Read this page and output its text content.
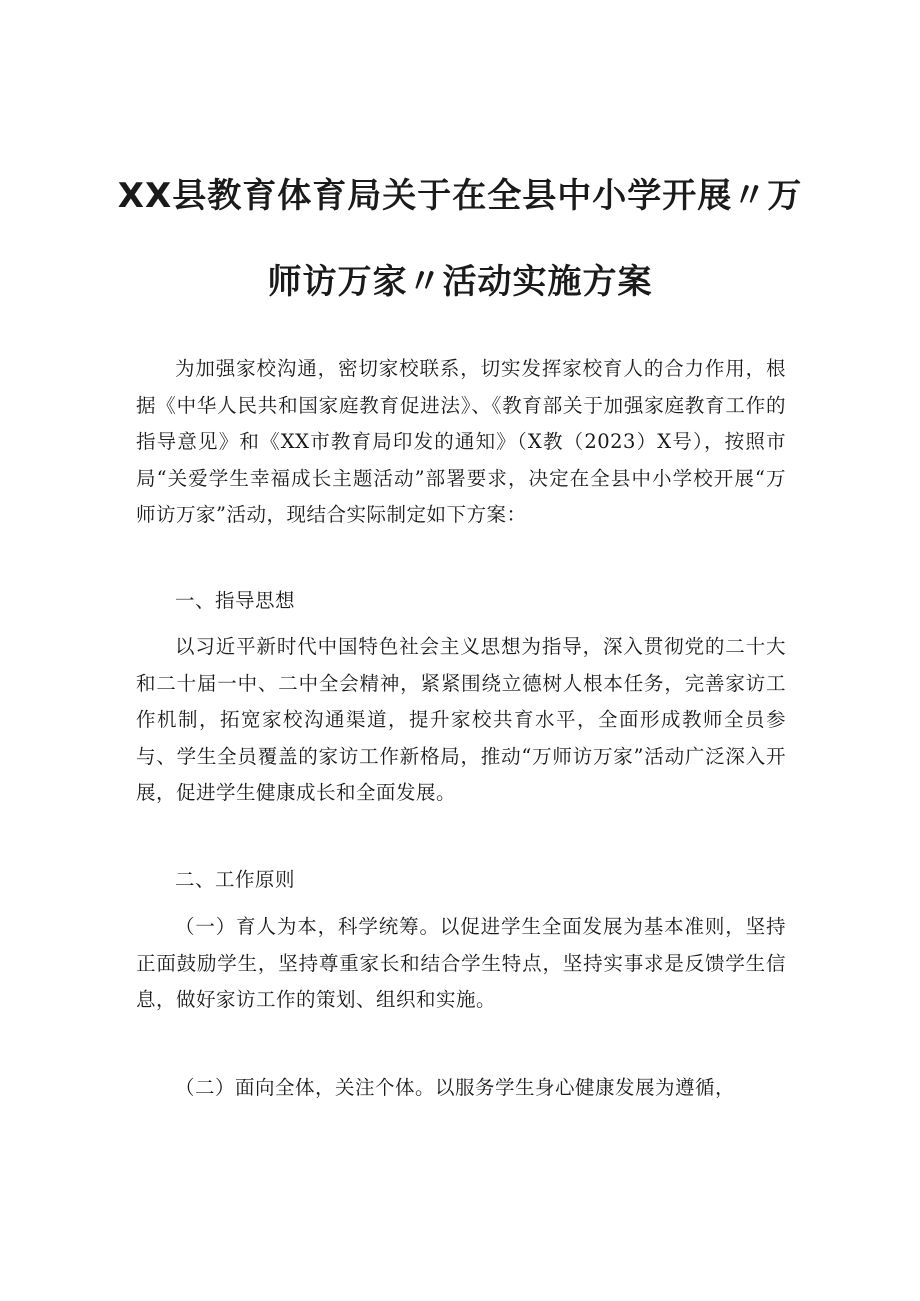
XX县教育体育局关于在全县中小学开展〃万
师访万家〃活动实施方案
为加强家校沟通，密切家校联系，切实发挥家校育人的合力作用，根据《中华人民共和国家庭教育促进法》、《教育部关于加强家庭教育工作的指导意见》和《XX市教育局印发的通知》（X教（2023）X号），按照市局“关爱学生幸福成长主题活动”部署要求，决定在全县中小学校开展“万师访万家”活动，现结合实际制定如下方案：
一、指导思想
以习近平新时代中国特色社会主义思想为指导，深入贯彻党的二十大和二十届一中、二中全会精神，紧紧围绕立德树人根本任务，完善家访工作机制，拓宽家校沟通渠道，提升家校共育水平，全面形成教师全员参与、学生全员覆盖的家访工作新格局，推动“万师访万家”活动广泛深入开展，促进学生健康成长和全面发展。
二、工作原则
（一）育人为本，科学统筹。以促进学生全面发展为基本准则，坚持正面鼓励学生，坚持尊重家长和结合学生特点，坚持实事求是反馈学生信息，做好家访工作的策划、组织和实施。
（二）面向全体，关注个体。以服务学生身心健康发展为遵循，
